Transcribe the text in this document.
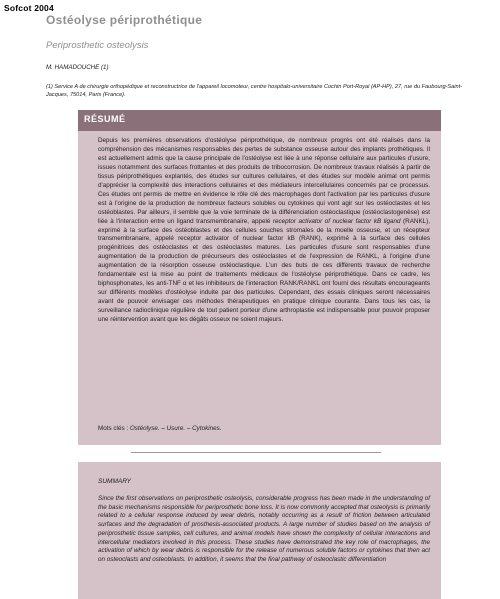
Sofcot 2004
Ostéolyse périprothétique
Periprosthetic osteolysis
M. HAMADOUCHE (1)
(1) Service A de chirurgie orthopédique et reconstructrice de l'appareil locomoteur, centre hospitalo-universitaire Cochin Port-Royal (AP-HP), 27, rue du Faubourg-Saint-Jacques, 75014, Paris (France).
RÉSUMÉ
Depuis les premières observations d'ostéolyse périprothétique, de nombreux progrès ont été réalisés dans la compréhension des mécanismes responsables des pertes de substance osseuse autour des implants prothétiques. Il est actuellement admis que la cause principale de l'ostéolyse est liée à une réponse cellulaire aux particules d'usure, issues notamment des surfaces frottantes et des produits de tribocorrosion. De nombreux travaux réalisés à partir de tissus périprothétiques explantés, des études sur cultures cellulaires, et des études sur modèle animal ont permis d'apprécier la complexité des interactions cellulaires et des médiateurs intercellulaires concernés par ce processus. Ces études ont permis de mettre en évidence le rôle clé des macrophages dont l'activation par les particules d'usure est à l'origine de la production de nombreux facteurs solubles ou cytokines qui vont agir sur les ostéoclastes et les ostéoblastes. Par ailleurs, il semble que la voie terminale de la différenciation ostéoclastique (ostéoclastogenèse) est liée à l'interaction entre un ligand transmembranaire, appelé receptor activator of nuclear factor kB ligand (RANKL), exprimé à la surface des ostéoblastes et des cellules souches stromales de la moelle osseuse, et un récepteur transmembranaire, appelé receptor activator of nuclear factor kB (RANK), exprimé à la surface des cellules progénitrices des ostéoclastes et des ostéoclastes matures. Les particules d'usure sont responsables d'une augmentation de la production de précurseurs des ostéoclastes et de l'expression de RANKL, à l'origine d'une augmentation de la résorption osseuse ostéoclastique. L'un des buts de ces différents travaux de recherche fondamentale est la mise au point de traitements médicaux de l'ostéolyse périprothétique. Dans ce cadre, les biphosphonates, les anti-TNF α et les inhibiteurs de l'interaction RANK/RANKL ont fourni des résultats encourageants sur différents modèles d'ostéolyse induite par des particules. Cependant, des essais cliniques seront nécessaires avant de pouvoir envisager ces méthodes thérapeutiques en pratique clinique courante. Dans tous les cas, la surveillance radioclinique régulière de tout patient porteur d'une arthroplastie est indispensable pour pouvoir proposer une réintervention avant que les dégâts osseux ne soient majeurs.
Mots clés : Ostéolyse. – Usure. – Cytokines.
SUMMARY
Since the first observations on periprosthetic osteolysis, considerable progress has been made in the understanding of the basic mechanisms responsible for periprosthetic bone loss. It is now commonly accepted that osteolysis is primarily related to a cellular response induced by wear debris, notably occurring as a result of friction between articulated surfaces and the degradation of prosthesis-associated products. A large number of studies based on the analysis of periprosthetic tissue samples, cell cultures, and animal models have shown the complexity of cellular interactions and intercellular mediators involved in this process. These studies have demonstrated the key role of macrophages, the activation of which by wear debris is responsible for the release of numerous soluble factors or cytokines that then act on osteoclasts and osteoblasts. In addition, it seems that the final pathway of osteoclastic differentiation
